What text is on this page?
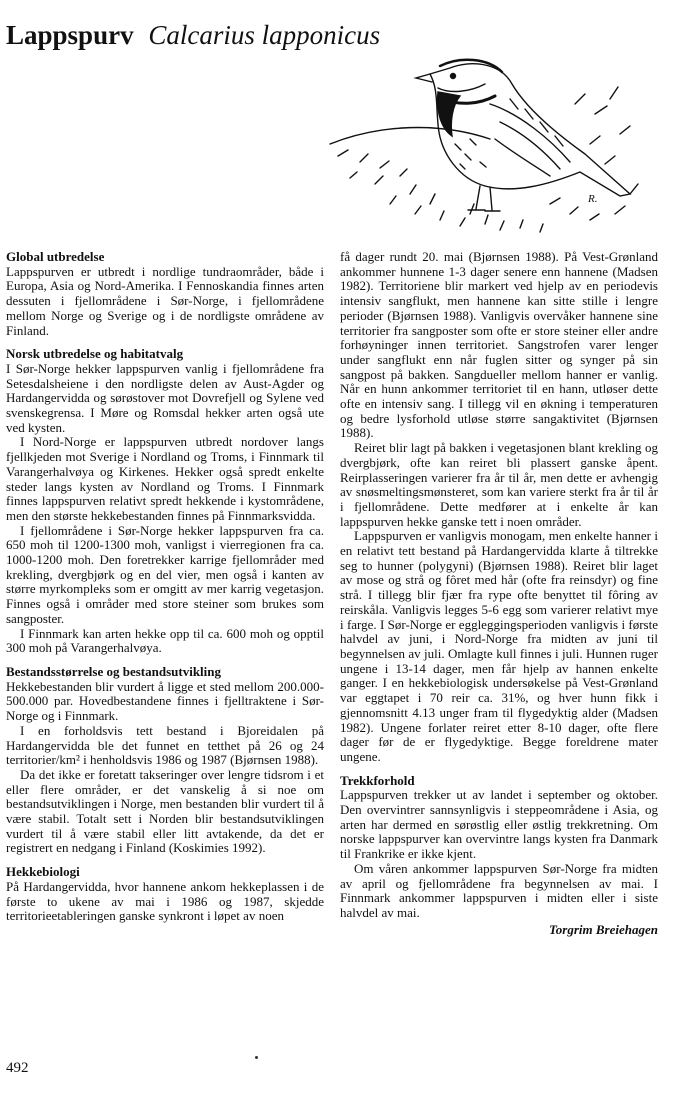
Lappspurv Calcarius lapponicus
R.
Global utbredelse

Lappspurven er utbredt i nordlige tundraområder, både i Europa, Asia og Nord-Amerika. I Fennoskandia finnes arten dessuten i fjellområdene i Sør-Norge, i fjellområdene mellom Norge og Sverige og i de nordligste områdene av Finland.

Norsk utbredelse og habitatvalg

I Sør-Norge hekker lappspurven vanlig i fjellområdene fra Setesdalsheiene i den nordligste delen av Aust-Agder og Hardangervidda og sørøstover mot Dovrefjell og Sylene ved svenskegrensa. I Møre og Romsdal hekker arten også ute ved kysten.

I Nord-Norge er lappspurven utbredt nordover langs fjellkjeden mot Sverige i Nordland og Troms, i Finnmark til Varangerhalvøya og Kirkenes. Hekker også spredt enkelte steder langs kysten av Nordland og Troms. I Finnmark finnes lappspurven relativt spredt hekkende i kystområdene, men den største hekkebestanden finnes på Finnmarksvidda.

I fjellområdene i Sør-Norge hekker lappspurven fra ca. 650 moh til 1200-1300 moh, vanligst i vierregionen fra ca. 1000-1200 moh. Den foretrekker karrige fjellområder med krekling, dvergbjørk og en del vier, men også i kanten av større myrkompleks som er omgitt av mer karrig vegetasjon. Finnes også i områder med store steiner som brukes som sangposter.

I Finnmark kan arten hekke opp til ca. 600 moh og opptil 300 moh på Varangerhalvøya.

Bestandsstørrelse og bestandsutvikling

Hekkebestanden blir vurdert å ligge et sted mellom 200.000-500.000 par. Hovedbestandene finnes i fjelltraktene i Sør-Norge og i Finnmark.

I en forholdsvis tett bestand i Bjoreidalen på Hardangervidda ble det funnet en tetthet på 26 og 24 territorier/km² i henholdsvis 1986 og 1987 (Bjørnsen 1988).

Da det ikke er foretatt takseringer over lengre tidsrom i et eller flere områder, er det vanskelig å si noe om bestandsutviklingen i Norge, men bestanden blir vurdert til å være stabil. Totalt sett i Norden blir bestandsutviklingen vurdert til å være stabil eller litt avtakende, da det er registrert en nedgang i Finland (Koskimies 1992).

Hekkebiologi

På Hardangervidda, hvor hannene ankom hekkeplassen i de første to ukene av mai i 1986 og 1987, skjedde territorieetableringen ganske synkront i løpet av noen

få dager rundt 20. mai (Bjørnsen 1988). På Vest-Grønland ankommer hunnene 1-3 dager senere enn hannene (Madsen 1982). Territoriene blir markert ved hjelp av en periodevis intensiv sangflukt, men hannene kan sitte stille i lengre perioder (Bjørnsen 1988). Vanligvis overvåker hannene sine territorier fra sangposter som ofte er store steiner eller andre forhøyninger innen territoriet. Sangstrofen varer lenger under sangflukt enn når fuglen sitter og synger på sin sangpost på bakken. Sangdueller mellom hanner er vanlig. Når en hunn ankommer territoriet til en hann, utløser dette ofte en intensiv sang. I tillegg vil en økning i temperaturen og bedre lysforhold utløse større sangaktivitet (Bjørnsen 1988).

Reiret blir lagt på bakken i vegetasjonen blant krekling og dvergbjørk, ofte kan reiret bli plassert ganske åpent. Reirplasseringen varierer fra år til år, men dette er avhengig av snøsmeltingsmønsteret, som kan variere sterkt fra år til år i fjellområdene. Dette medfører at i enkelte år kan lappspurven hekke ganske tett i noen områder.

Lappspurven er vanligvis monogam, men enkelte hanner i en relativt tett bestand på Hardangervidda klarte å tiltrekke seg to hunner (polygyni) (Bjørnsen 1988). Reiret blir laget av mose og strå og fôret med hår (ofte fra reinsdyr) og fine strå. I tillegg blir fjær fra rype ofte benyttet til fôring av reirskåla. Vanligvis legges 5-6 egg som varierer relativt mye i farge. I Sør-Norge er eggleggingsperioden vanligvis i første halvdel av juni, i Nord-Norge fra midten av juni til begynnelsen av juli. Omlagte kull finnes i juli. Hunnen ruger ungene i 13-14 dager, men får hjelp av hannen enkelte ganger. I en hekkebiologisk undersøkelse på Vest-Grønland var eggtapet i 70 reir ca. 31%, og hver hunn fikk i gjennomsnitt 4.13 unger fram til flygedyktig alder (Madsen 1982). Ungene forlater reiret etter 8-10 dager, ofte flere dager før de er flygedyktige. Begge foreldrene mater ungene.

Trekkforhold

Lappspurven trekker ut av landet i september og oktober. Den overvintrer sannsynligvis i steppeområdene i Asia, og arten har dermed en sørøstlig eller østlig trekkretning. Om norske lappspurver kan overvintre langs kysten fra Danmark til Frankrike er ikke kjent.

Om våren ankommer lappspurven Sør-Norge fra midten av april og fjellområdene fra begynnelsen av mai. I Finnmark ankommer lappspurven i midten eller i siste halvdel av mai.

Torgrim Breiehagen
492
